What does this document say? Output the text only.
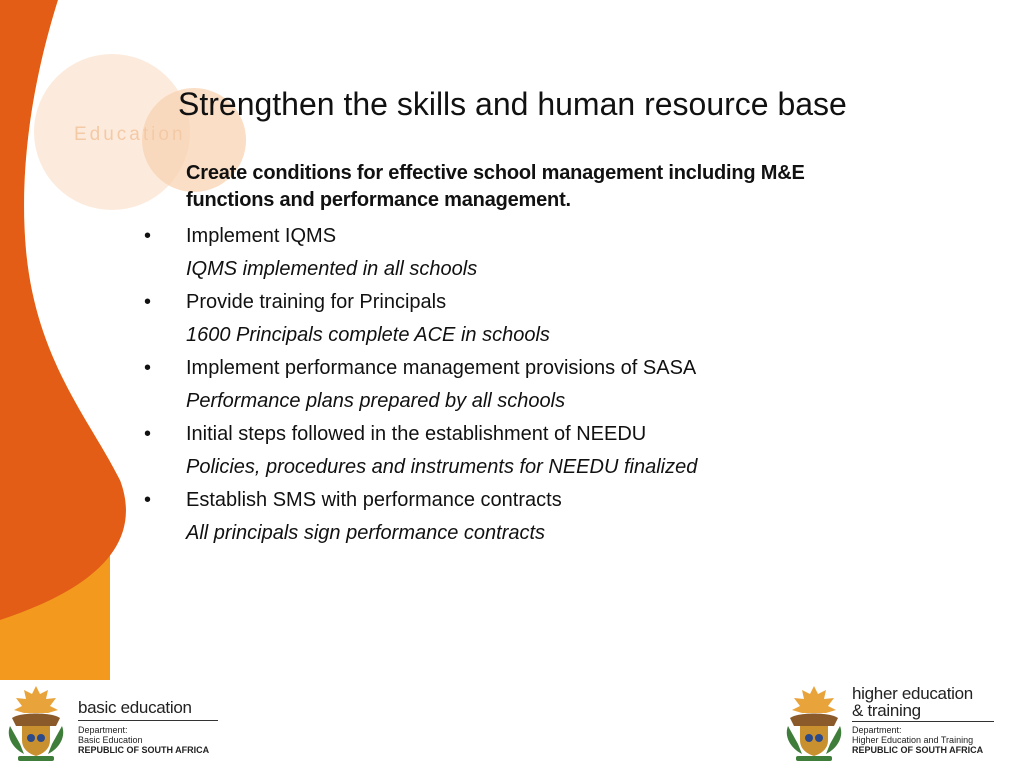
Education
Strengthen the skills and human resource base

Create conditions for effective school management including M&E functions and performance management.

• Implement IQMS
IQMS implemented in all schools
• Provide training for Principals
1600 Principals complete ACE in schools
• Implement performance management provisions of SASA
Performance plans prepared by all schools
• Initial steps followed in the establishment of NEEDU
Policies, procedures and instruments for NEEDU finalized
• Establish SMS with performance contracts
All principals sign performance contracts
basic education
Department:
Basic Education
REPUBLIC OF SOUTH AFRICA
higher education
& training
Department:
Higher Education and Training
REPUBLIC OF SOUTH AFRICA
